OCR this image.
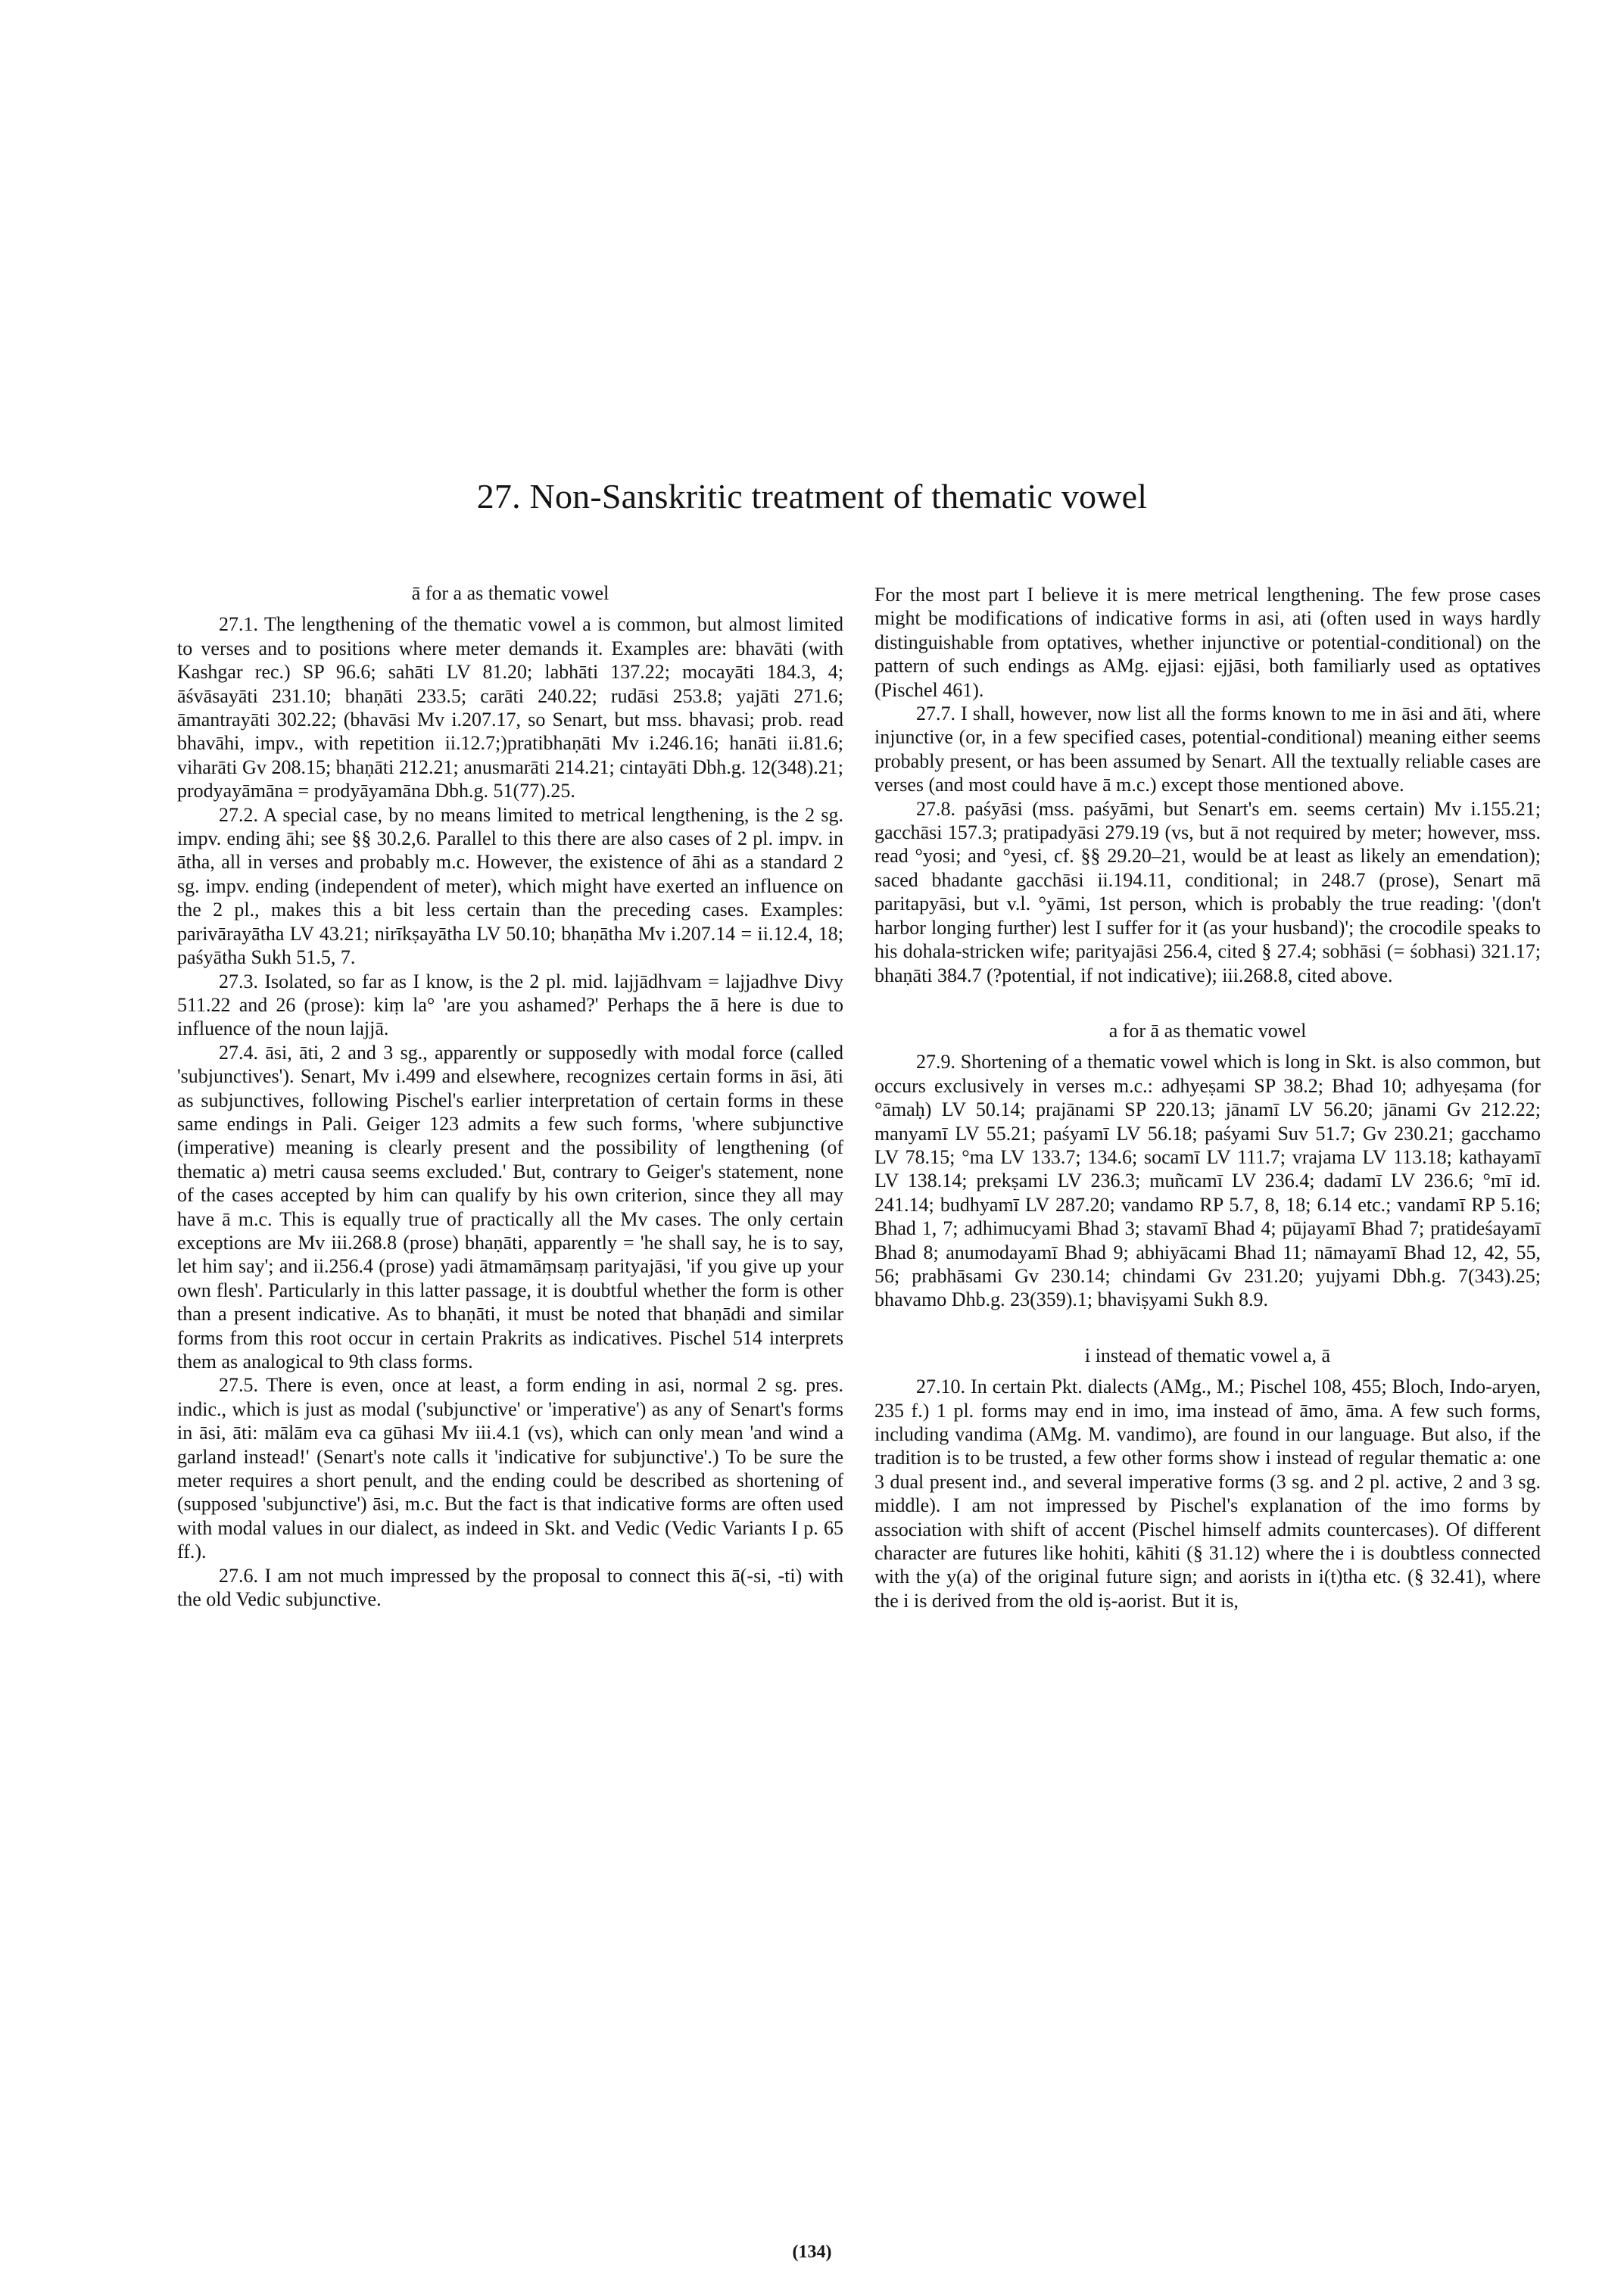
27. Non-Sanskritic treatment of thematic vowel

ā for a as thematic vowel

27.1. The lengthening of the thematic vowel a is common, but almost limited to verses and to positions where meter demands it. Examples are: bhavāti (with Kashgar rec.) SP 96.6; sahāti LV 81.20; labhāti 137.22; mocayāti 184.3, 4; āśvāsayāti 231.10; bhaṇāti 233.5; carāti 240.22; rudāsi 253.8; yajāti 271.6; āmantrayāti 302.22; (bhavāsi Mv i.207.17, so Senart, but mss. bhavasi; prob. read bhavāhi, impv., with repetition ii.12.7;)pratibhaṇāti Mv i.246.16; hanāti ii.81.6; viharāti Gv 208.15; bhaṇāti 212.21; anusmarāti 214.21; cintayāti Dbh.g. 12(348).21; prodyayāmāna = prodyāyamāna Dbh.g. 51(77).25.

27.2. A special case, by no means limited to metrical lengthening, is the 2 sg. impv. ending āhi; see §§ 30.2,6. Parallel to this there are also cases of 2 pl. impv. in ātha, all in verses and probably m.c. However, the existence of āhi as a standard 2 sg. impv. ending (independent of meter), which might have exerted an influence on the 2 pl., makes this a bit less certain than the preceding cases. Examples: parivārayātha LV 43.21; nirīkṣayātha LV 50.10; bhaṇātha Mv i.207.14 = ii.12.4, 18; paśyātha Sukh 51.5, 7.

27.3. Isolated, so far as I know, is the 2 pl. mid. lajjādhvam = lajjadhve Divy 511.22 and 26 (prose): kiṃ la° 'are you ashamed?' Perhaps the ā here is due to influence of the noun lajjā.

27.4. āsi, āti, 2 and 3 sg., apparently or supposedly with modal force (called 'subjunctives'). Senart, Mv i.499 and elsewhere, recognizes certain forms in āsi, āti as subjunctives, following Pischel's earlier interpretation of certain forms in these same endings in Pali. Geiger 123 admits a few such forms, 'where subjunctive (imperative) meaning is clearly present and the possibility of lengthening (of thematic a) metri causa seems excluded.' But, contrary to Geiger's statement, none of the cases accepted by him can qualify by his own criterion, since they all may have ā m.c. This is equally true of practically all the Mv cases. The only certain exceptions are Mv iii.268.8 (prose) bhaṇāti, apparently = 'he shall say, he is to say, let him say'; and ii.256.4 (prose) yadi ātmamāṃsaṃ parityajāsi, 'if you give up your own flesh'. Particularly in this latter passage, it is doubtful whether the form is other than a present indicative. As to bhaṇāti, it must be noted that bhaṇādi and similar forms from this root occur in certain Prakrits as indicatives. Pischel 514 interprets them as analogical to 9th class forms.

27.5. There is even, once at least, a form ending in asi, normal 2 sg. pres. indic., which is just as modal ('subjunctive' or 'imperative') as any of Senart's forms in āsi, āti: mālām eva ca gūhasi Mv iii.4.1 (vs), which can only mean 'and wind a garland instead!' (Senart's note calls it 'indicative for subjunctive'.) To be sure the meter requires a short penult, and the ending could be described as shortening of (supposed 'subjunctive') āsi, m.c. But the fact is that indicative forms are often used with modal values in our dialect, as indeed in Skt. and Vedic (Vedic Variants I p. 65 ff.).

27.6. I am not much impressed by the proposal to connect this ā(-si, -ti) with the old Vedic subjunctive.

For the most part I believe it is mere metrical lengthening. The few prose cases might be modifications of indicative forms in asi, ati (often used in ways hardly distinguishable from optatives, whether injunctive or potential-conditional) on the pattern of such endings as AMg. ejjasi: ejjāsi, both familiarly used as optatives (Pischel 461).

27.7. I shall, however, now list all the forms known to me in āsi and āti, where injunctive (or, in a few specified cases, potential-conditional) meaning either seems probably present, or has been assumed by Senart. All the textually reliable cases are verses (and most could have ā m.c.) except those mentioned above.

27.8. paśyāsi (mss. paśyāmi, but Senart's em. seems certain) Mv i.155.21; gacchāsi 157.3; pratipadyāsi 279.19 (vs, but ā not required by meter; however, mss. read °yosi; and °yesi, cf. §§ 29.20–21, would be at least as likely an emendation); saced bhadante gacchāsi ii.194.11, conditional; in 248.7 (prose), Senart mā paritapyāsi, but v.l. °yāmi, 1st person, which is probably the true reading: '(don't harbor longing further) lest I suffer for it (as your husband)'; the crocodile speaks to his dohala-stricken wife; parityajāsi 256.4, cited § 27.4; sobhāsi (= śobhasi) 321.17; bhaṇāti 384.7 (?potential, if not indicative); iii.268.8, cited above.

a for ā as thematic vowel

27.9. Shortening of a thematic vowel which is long in Skt. is also common, but occurs exclusively in verses m.c.: adhyeṣami SP 38.2; Bhad 10; adhyeṣama (for °āmaḥ) LV 50.14; prajānami SP 220.13; jānamī LV 56.20; jānami Gv 212.22; manyamī LV 55.21; paśyamī LV 56.18; paśyami Suv 51.7; Gv 230.21; gacchamo LV 78.15; °ma LV 133.7; 134.6; socamī LV 111.7; vrajama LV 113.18; kathayamī LV 138.14; prekṣami LV 236.3; muñcamī LV 236.4; dadamī LV 236.6; °mī id. 241.14; budhyamī LV 287.20; vandamo RP 5.7, 8, 18; 6.14 etc.; vandamī RP 5.16; Bhad 1, 7; adhimucyami Bhad 3; stavamī Bhad 4; pūjayamī Bhad 7; pratideśayamī Bhad 8; anumodayamī Bhad 9; abhiyācami Bhad 11; nāmayamī Bhad 12, 42, 55, 56; prabhāsami Gv 230.14; chindami Gv 231.20; yujyami Dbh.g. 7(343).25; bhavamo Dhb.g. 23(359).1; bhaviṣyami Sukh 8.9.

i instead of thematic vowel a, ā

27.10. In certain Pkt. dialects (AMg., M.; Pischel 108, 455; Bloch, Indo-aryen, 235 f.) 1 pl. forms may end in imo, ima instead of āmo, āma. A few such forms, including vandima (AMg. M. vandimo), are found in our language. But also, if the tradition is to be trusted, a few other forms show i instead of regular thematic a: one 3 dual present ind., and several imperative forms (3 sg. and 2 pl. active, 2 and 3 sg. middle). I am not impressed by Pischel's explanation of the imo forms by association with shift of accent (Pischel himself admits countercases). Of different character are futures like hohiti, kāhiti (§ 31.12) where the i is doubtless connected with the y(a) of the original future sign; and aorists in i(t)tha etc. (§ 32.41), where the i is derived from the old iṣ-aorist. But it is,

(134)
